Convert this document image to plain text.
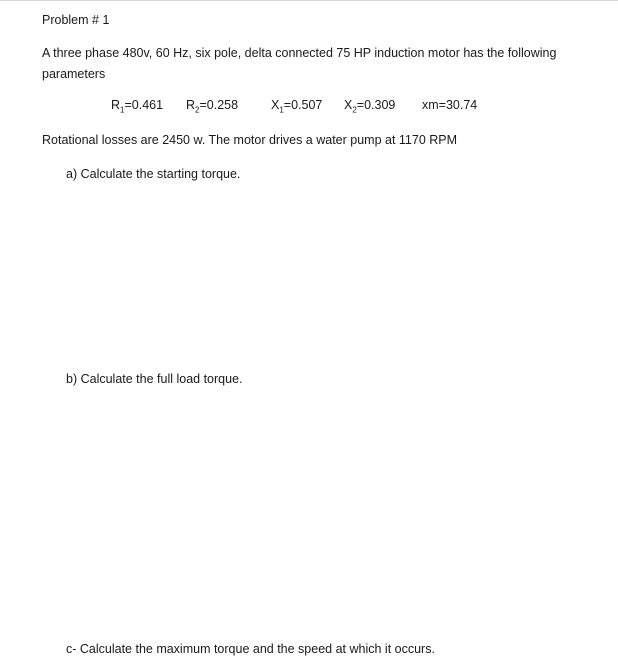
Problem # 1
A three phase 480v, 60 Hz, six pole, delta connected 75 HP induction motor has the following parameters
$R_1=0.461$ $R_2=0.258$	$X_1=0.507$ $X_2=0.309$ xm=30.74
Rotational losses are 2450 w. The motor drives a water pump at 1170 RPM
a) Calculate the starting torque.
b) Calculate the full load torque.
c- Calculate the maximum torque and the speed at which it occurs.
